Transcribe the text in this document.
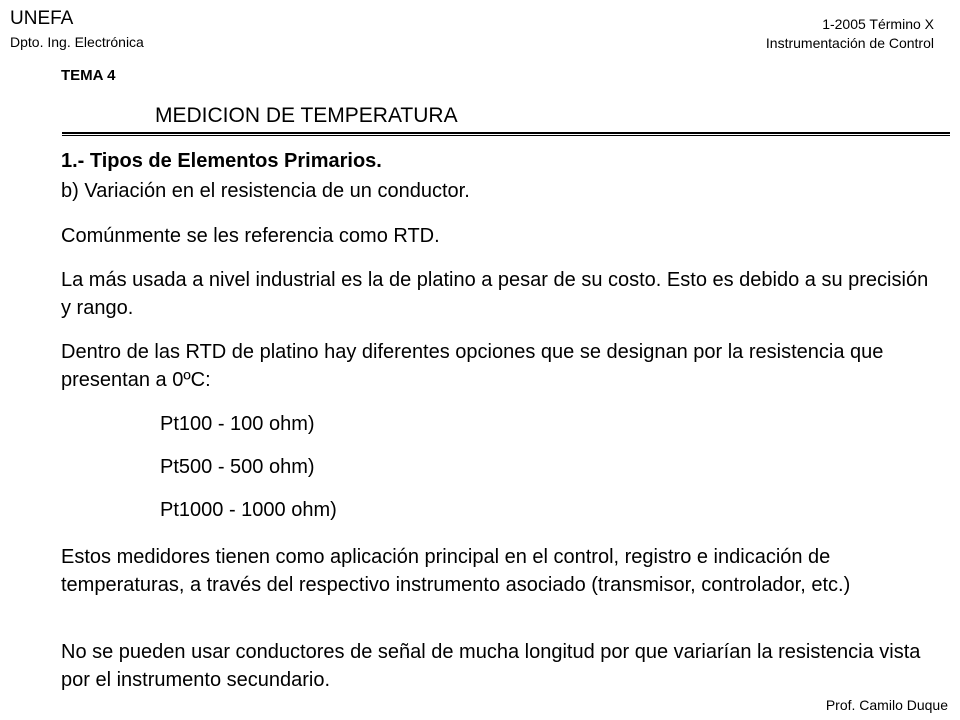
UNEFA

Dpto. Ing. Electrónica

1-2005 Término X

Instrumentación de Control

TEMA 4

MEDICION DE TEMPERATURA

1.- Tipos de Elementos Primarios.

b) Variación en el resistencia de un conductor.

Comúnmente se les referencia como RTD.

La más usada a nivel industrial es la de platino a pesar de su costo. Esto es debido a su precisión y rango.

Dentro de las RTD de platino hay diferentes opciones que se designan por la resistencia que presentan a 0ºC:

Pt100 - 100 ohm)

Pt500 - 500 ohm)

Pt1000 - 1000 ohm)

Estos medidores tienen como aplicación principal en el control, registro e indicación de temperaturas, a través del respectivo instrumento asociado (transmisor, controlador, etc.)

No se pueden usar conductores de señal de mucha longitud por que variarían la resistencia vista por el instrumento secundario.

Prof. Camilo Duque
